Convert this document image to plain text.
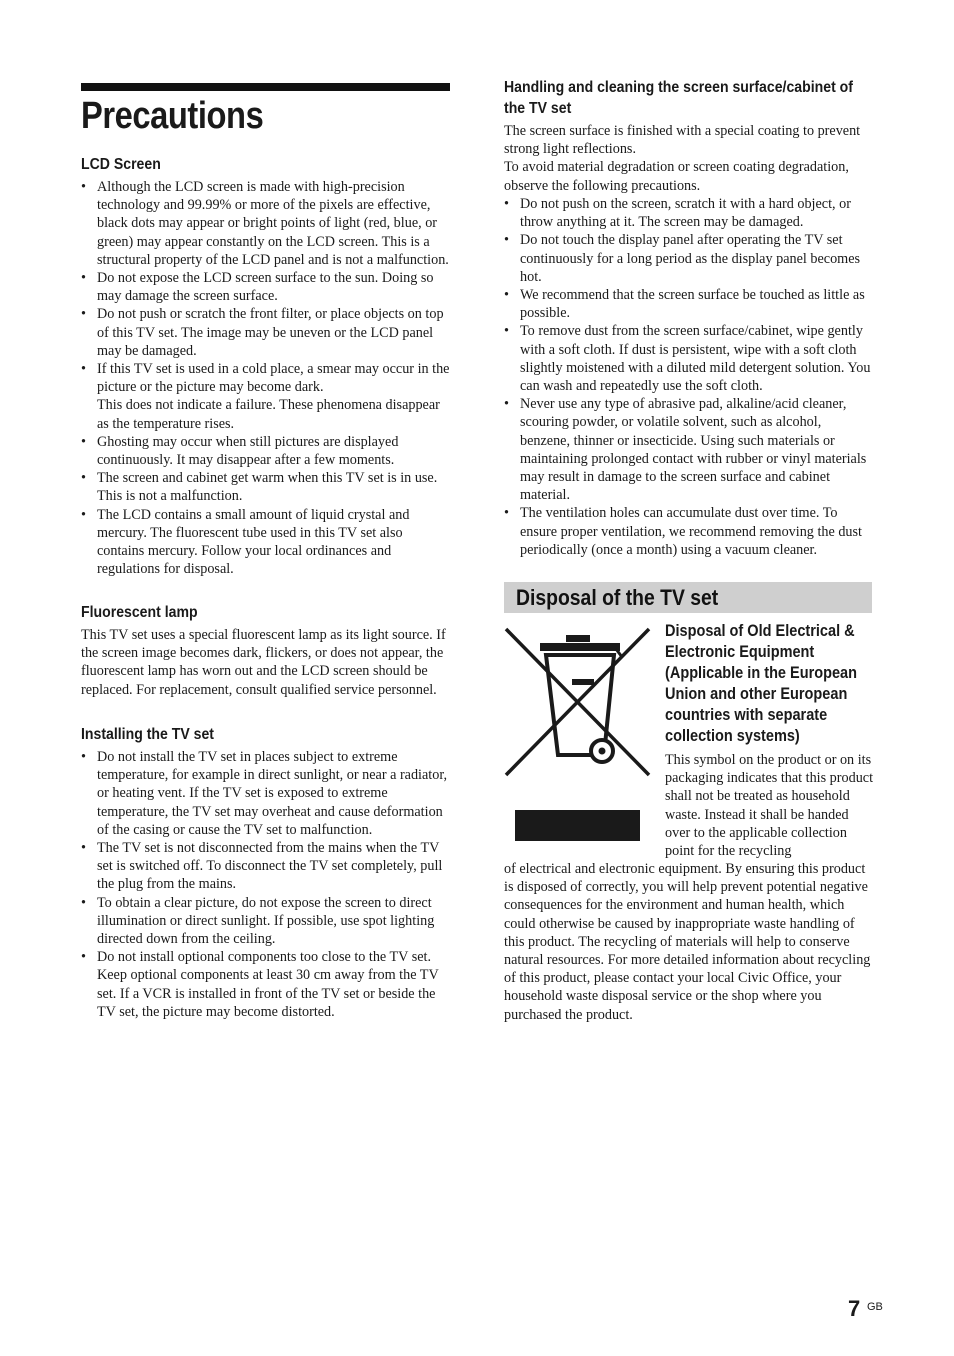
Precautions
LCD Screen
• Although the LCD screen is made with high-precision technology and 99.99% or more of the pixels are effective, black dots may appear or bright points of light (red, blue, or green) may appear constantly on the LCD screen. This is a structural property of the LCD panel and is not a malfunction.
• Do not expose the LCD screen surface to the sun. Doing so may damage the screen surface.
• Do not push or scratch the front filter, or place objects on top of this TV set. The image may be uneven or the LCD panel may be damaged.
• If this TV set is used in a cold place, a smear may occur in the picture or the picture may become dark.
This does not indicate a failure. These phenomena disappear as the temperature rises.
• Ghosting may occur when still pictures are displayed continuously. It may disappear after a few moments.
• The screen and cabinet get warm when this TV set is in use. This is not a malfunction.
• The LCD contains a small amount of liquid crystal and mercury. The fluorescent tube used in this TV set also contains mercury. Follow your local ordinances and regulations for disposal.
Fluorescent lamp

This TV set uses a special fluorescent lamp as its light source. If the screen image becomes dark, flickers, or does not appear, the fluorescent lamp has worn out and the LCD screen should be replaced. For replacement, consult qualified service personnel.

Installing the TV set
• Do not install the TV set in places subject to extreme temperature, for example in direct sunlight, or near a radiator, or heating vent. If the TV set is exposed to extreme temperature, the TV set may overheat and cause deformation of the casing or cause the TV set to malfunction.
• The TV set is not disconnected from the mains when the TV set is switched off. To disconnect the TV set completely, pull the plug from the mains.
• To obtain a clear picture, do not expose the screen to direct illumination or direct sunlight. If possible, use spot lighting directed down from the ceiling.
• Do not install optional components too close to the TV set. Keep optional components at least 30 cm away from the TV set. If a VCR is installed in front of the TV set or beside the TV set, the picture may become distorted.
Handling and cleaning the screen surface/cabinet of
the TV set

The screen surface is finished with a special coating to prevent strong light reflections.

To avoid material degradation or screen coating degradation, observe the following precautions.

• Do not push on the screen, scratch it with a hard object, or throw anything at it. The screen may be damaged.
• Do not touch the display panel after operating the TV set continuously for a long period as the display panel becomes hot.
• We recommend that the screen surface be touched as little as possible.
• To remove dust from the screen surface/cabinet, wipe gently with a soft cloth. If dust is persistent, wipe with a soft cloth slightly moistened with a diluted mild detergent solution. You can wash and repeatedly use the soft cloth.
• Never use any type of abrasive pad, alkaline/acid cleaner, scouring powder, or volatile solvent, such as alcohol, benzene, thinner or insecticide. Using such materials or maintaining prolonged contact with rubber or vinyl materials may result in damage to the screen surface and cabinet material.
• The ventilation holes can accumulate dust over time. To ensure proper ventilation, we recommend removing the dust periodically (once a month) using a vacuum cleaner.
Disposal of the TV set
Disposal of Old Electrical & Electronic Equipment (Applicable in the European Union and other European countries with separate collection systems)

This symbol on the product or on its packaging indicates that this product shall not be treated as household waste. Instead it shall be handed over to the applicable collection point for the recycling

of electrical and electronic equipment. By ensuring this product is disposed of correctly, you will help prevent potential negative consequences for the environment and human health, which could otherwise be caused by inappropriate waste handling of this product. The recycling of materials will help to conserve natural resources. For more detailed information about recycling of this product, please contact your local Civic Office, your household waste disposal service or the shop where you purchased the product.

7 GB
